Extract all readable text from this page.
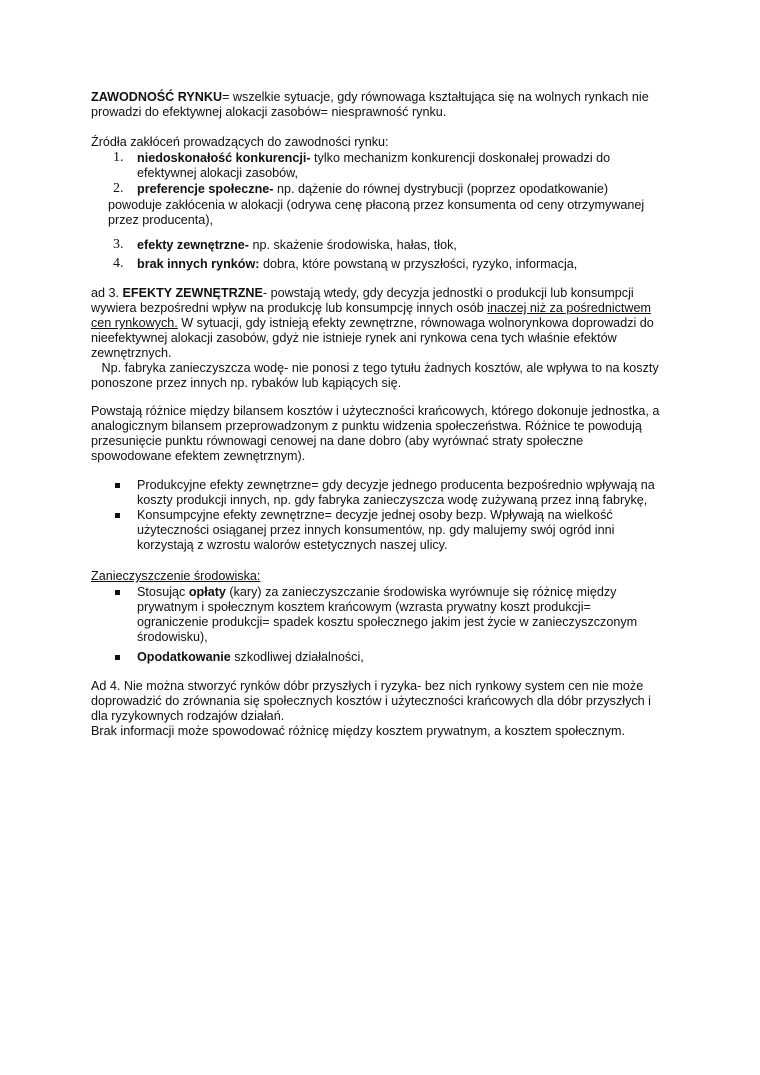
ZAWODNOŚĆ RYNKU= wszelkie sytuacje, gdy równowaga kształtująca się na wolnych rynkach nie
prowadzi do efektywnej alokacji zasobów= niesprawność rynku.

Źródła zakłóceń prowadzących do zawodności rynku:

1. niedoskonałość konkurencji- tylko mechanizm konkurencji doskonałej prowadzi do
efektywnej alokacji zasobów,

2. preferencje społeczne- np. dążenie do równej dystrybucji (poprzez opodatkowanie)

powoduje zakłócenia w alokacji (odrywa cenę płaconą przez konsumenta od ceny otrzymywanej
przez producenta),

3. efekty zewnętrzne- np. skażenie środowiska, hałas, tłok,

4. brak innych rynków: dobra, które powstaną w przyszłości, ryzyko, informacja,

ad 3. EFEKTY ZEWNĘTRZNE- powstają wtedy, gdy decyzja jednostki o produkcji lub konsumpcji
wywiera bezpośredni wpływ na produkcję lub konsumpcję innych osób inaczej niż za pośrednictwem
cen rynkowych. W sytuacji, gdy istnieją efekty zewnętrzne, równowaga wolnorynkowa doprowadzi do
nieefektywnej alokacji zasobów, gdyż nie istnieje rynek ani rynkowa cena tych właśnie efektów
zewnętrznych.
Np. fabryka zanieczyszcza wodę- nie ponosi z tego tytułu żadnych kosztów, ale wpływa to na koszty
ponoszone przez innych np. rybaków lub kąpiących się.

Powstają różnice między bilansem kosztów i użyteczności krańcowych, którego dokonuje jednostka, a
analogicznym bilansem przeprowadzonym z punktu widzenia społeczeństwa. Różnice te powodują
przesunięcie punktu równowagi cenowej na dane dobro (aby wyrównać straty społeczne
spowodowane efektem zewnętrznym).

Produkcyjne efekty zewnętrzne= gdy decyzje jednego producenta bezpośrednio wpływają na
koszty produkcji innych, np. gdy fabryka zanieczyszcza wodę zużywaną przez inną fabrykę,

Konsumpcyjne efekty zewnętrzne= decyzje jednej osoby bezp. Wpływają na wielkość
użyteczności osiąganej przez innych konsumentów, np. gdy malujemy swój ogród inni
korzystają z wzrostu walorów estetycznych naszej ulicy.

Zanieczyszczenie środowiska:

Stosując opłaty (kary) za zanieczyszczanie środowiska wyrównuje się różnicę między
prywatnym i społecznym kosztem krańcowym (wzrasta prywatny koszt produkcji=
ograniczenie produkcji= spadek kosztu społecznego jakim jest życie w zanieczyszczonym
środowisku),

Opodatkowanie szkodliwej działalności,

Ad 4. Nie można stworzyć rynków dóbr przyszłych i ryzyka- bez nich rynkowy system cen nie może
doprowadzić do zrównania się społecznych kosztów i użyteczności krańcowych dla dóbr przyszłych i
dla ryzykownych rodzajów działań.
Brak informacji może spowodować różnicę między kosztem prywatnym, a kosztem społecznym.
